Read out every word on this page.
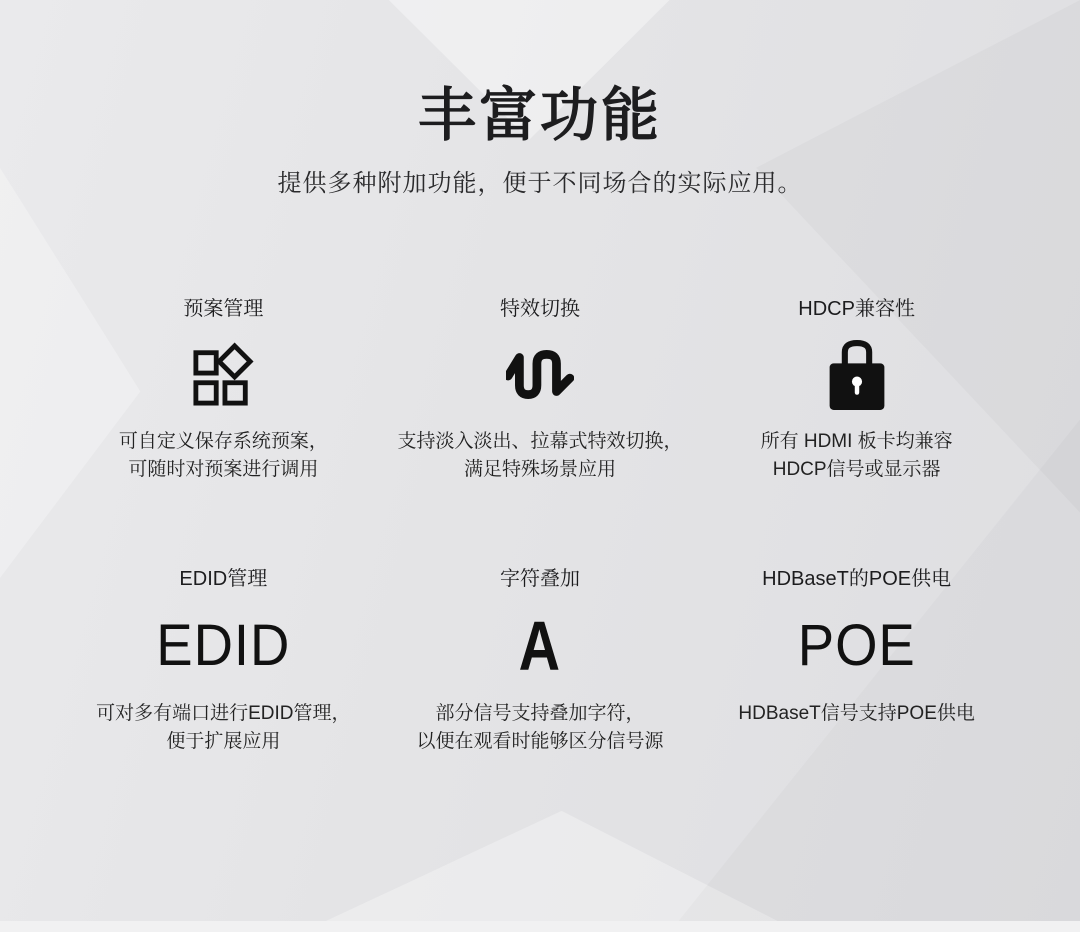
丰富功能
提供多种附加功能，便于不同场合的实际应用。
预案管理
可自定义保存系统预案，
可随时对预案进行调用
特效切换
支持淡入淡出、拉幕式特效切换，
满足特殊场景应用
HDCP兼容性
所有 HDMI 板卡均兼容
HDCP信号或显示器
EDID管理
EDID
可对多有端口进行EDID管理，
便于扩展应用
字符叠加
A
部分信号支持叠加字符，
以便在观看时能够区分信号源
HDBaseT的POE供电
POE
HDBaseT信号支持POE供电
